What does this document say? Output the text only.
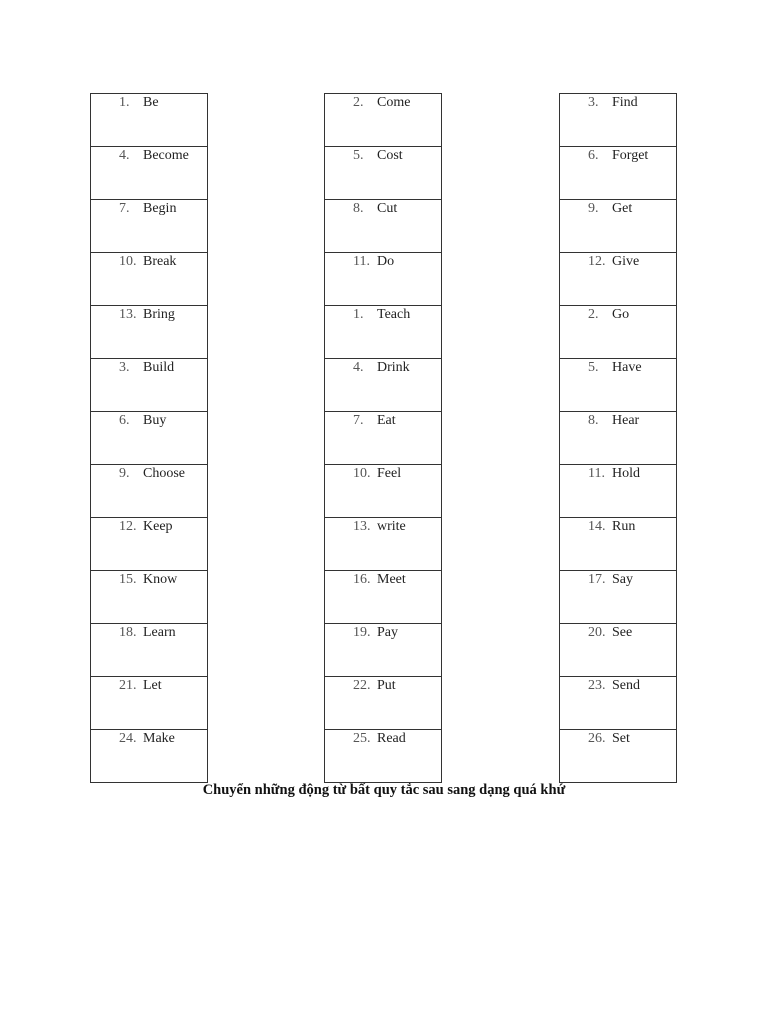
1. Be
4. Become
7. Begin
10. Break
13. Bring
3. Build
6. Buy
9. Choose
12. Keep
15. Know
18. Learn
21. Let
24. Make
2. Come
5. Cost
8. Cut
11. Do
1. Teach
4. Drink
7. Eat
10. Feel
13. write
16. Meet
19. Pay
22. Put
25. Read
3. Find
6. Forget
9. Get
12. Give
2. Go
5. Have
8. Hear
11. Hold
14. Run
17. Say
20. See
23. Send
26. Set
Chuyển những động từ bất quy tắc sau sang dạng quá khứ
